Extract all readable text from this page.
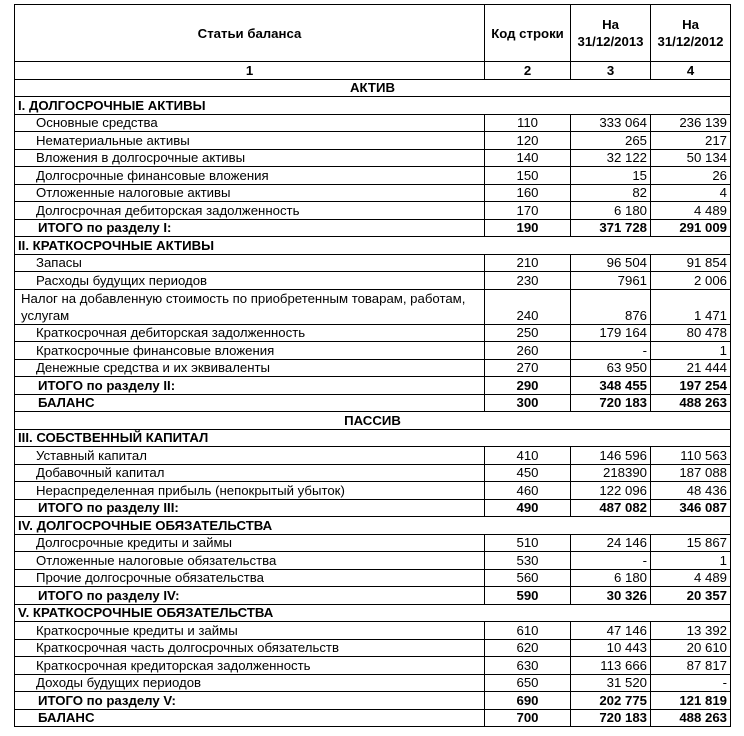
Статьи баланса	Код строки	На 31/12/2013	На 31/12/2012
1	2	3	4
АКТИВ			
I. ДОЛГОСРОЧНЫЕ АКТИВЫ			
Основные средства	110	333 064	236 139
Нематериальные активы	120	265	217
Вложения в долгосрочные активы	140	32 122	50 134
Долгосрочные финансовые вложения	150	15	26
Отложенные налоговые активы	160	82	4
Долгосрочная дебиторская задолженность	170	6 180	4 489
ИТОГО по разделу I:	190	371 728	291 009
II. КРАТКОСРОЧНЫЕ АКТИВЫ			
Запасы	210	96 504	91 854
Расходы будущих периодов	230	7961	2 006
Налог на добавленную стоимость по приобретенным товарам, работам, услугам	240	876	1 471
Краткосрочная дебиторская задолженность	250	179 164	80 478
Краткосрочные финансовые вложения	260	-	1
Денежные средства и их эквиваленты	270	63 950	21 444
ИТОГО по разделу II:	290	348 455	197 254
БАЛАНС	300	720 183	488 263
ПАССИВ			
III. СОБСТВЕННЫЙ КАПИТАЛ			
Уставный капитал	410	146 596	110 563
Добавочный капитал	450	218390	187 088
Нераспределенная прибыль (непокрытый убыток)	460	122 096	48 436
ИТОГО по разделу III:	490	487 082	346 087
IV. ДОЛГОСРОЧНЫЕ ОБЯЗАТЕЛЬСТВА			
Долгосрочные кредиты и займы	510	24 146	15 867
Отложенные налоговые обязательства	530	-	1
Прочие долгосрочные обязательства	560	6 180	4 489
ИТОГО по разделу IV:	590	30 326	20 357
V. КРАТКОСРОЧНЫЕ ОБЯЗАТЕЛЬСТВА			
Краткосрочные кредиты и займы	610	47 146	13 392
Краткосрочная часть долгосрочных обязательств	620	10 443	20 610
Краткосрочная кредиторская задолженность	630	113 666	87 817
Доходы будущих периодов	650	31 520	-
ИТОГО по разделу V:	690	202 775	121 819
БАЛАНС	700	720 183	488 263
